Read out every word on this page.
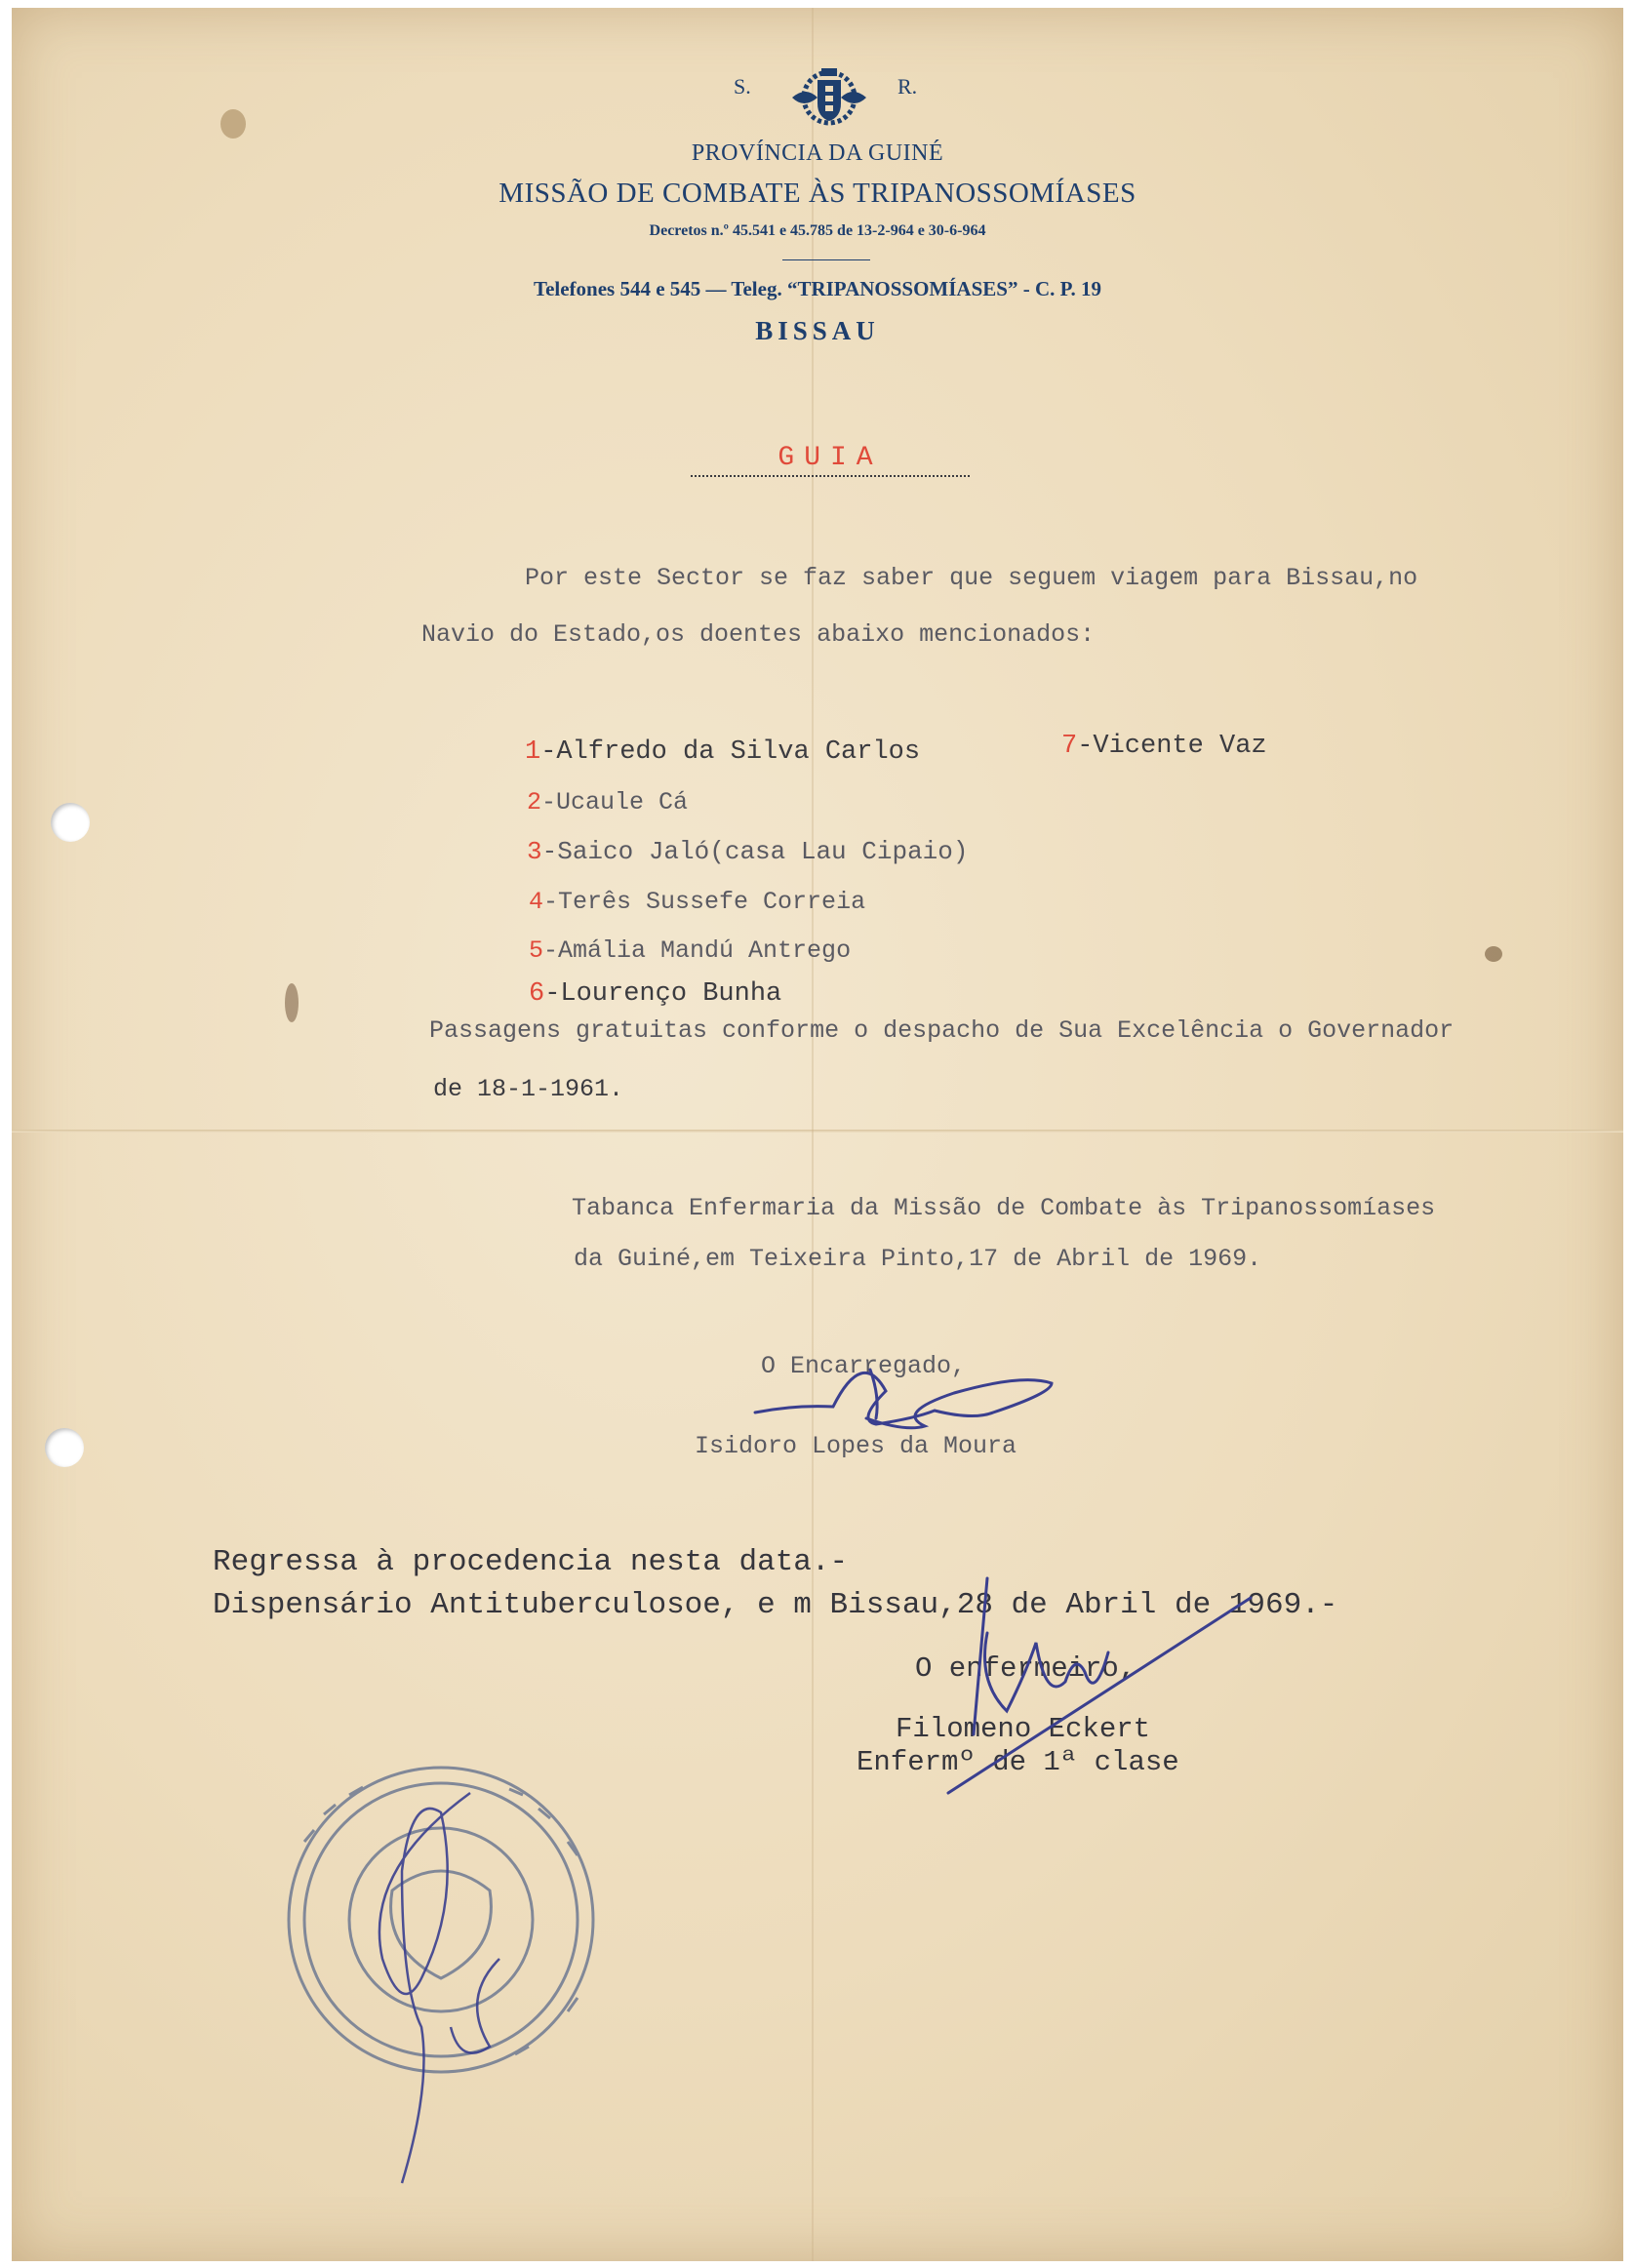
S.	R.
PROVÍNCIA DA GUINÉ
MISSÃO DE COMBATE ÀS TRIPANOSSOMÍASES
Decretos n.º 45.541 e 45.785 de 13-2-964 e 30-6-964
Telefones 544 e 545 — Teleg. “TRIPANOSSOMÍASES” - C. P. 19
BISSAU
GUIA
Por este Sector se faz saber que seguem viagem para Bissau,no
Navio do Estado,os doentes abaixo mencionados:
1-Alfredo da Silva Carlos
2-Ucaule Cá
3-Saico Jaló(casa Lau Cipaio)
4-Terês Sussefe Correia
5-Amália Mandú Antrego
6-Lourenço Bunha
7-Vicente Vaz
Passagens gratuitas conforme o despacho de Sua Excelência o Governador
de 18-1-1961.
Tabanca Enfermaria da Missão de Combate às Tripanossomíases
da Guiné,em Teixeira Pinto,17 de Abril de 1969.
O Encarregado,
Isidoro Lopes da Moura
Regressa à procedencia nesta data.-
Dispensário Antituberculosoe, e m Bissau,28 de Abril de 1969.-
O enfermeiro,
Filomeno Eckert
Enfermº de 1ª clase
